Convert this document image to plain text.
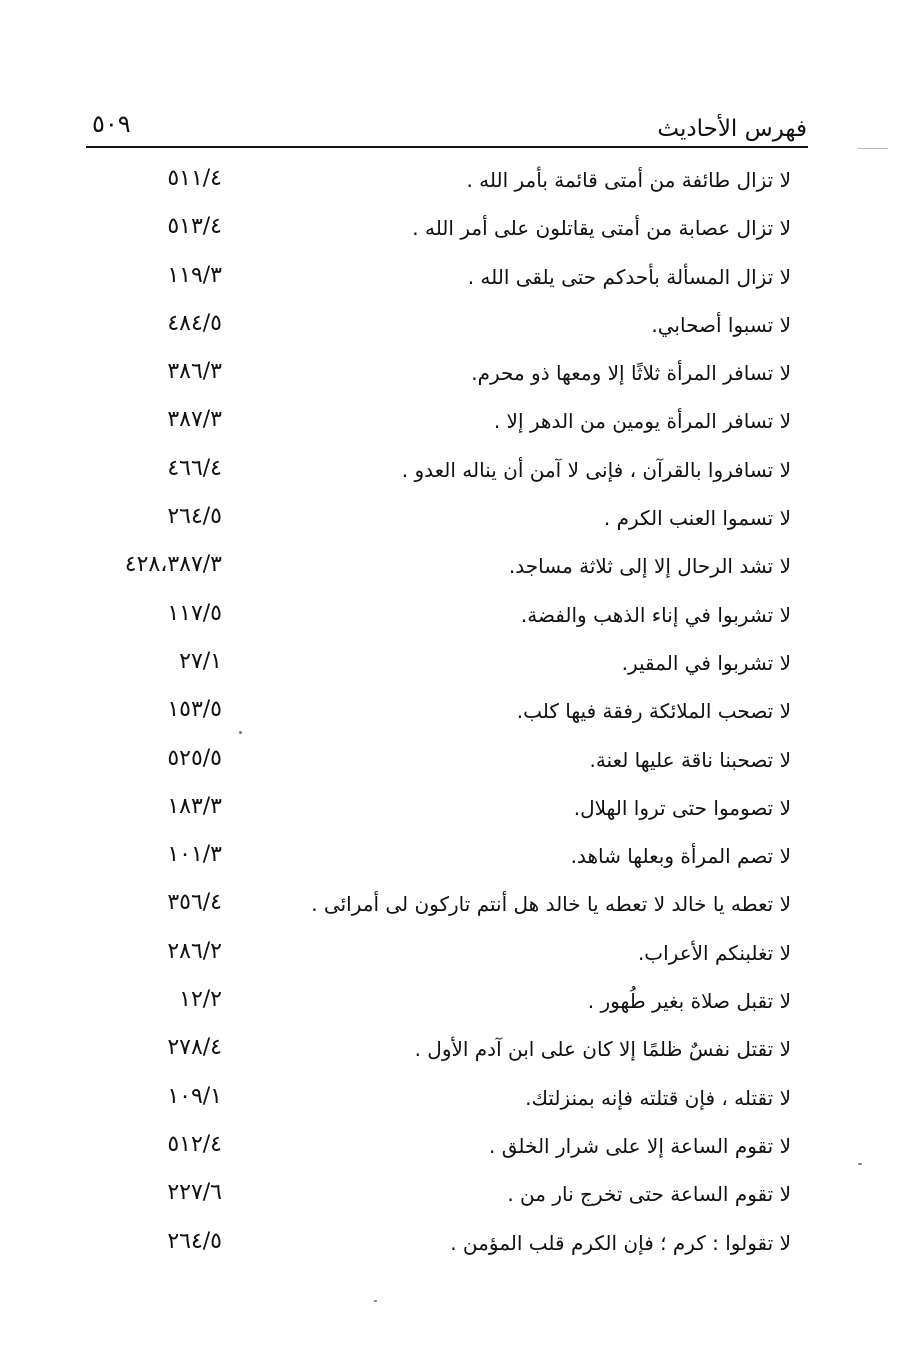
فهرس الأحاديث
٥٠٩
لا تزال طائفة من أمتى قائمة بأمر الله .
٥١١/٤
لا تزال عصابة من أمتى يقاتلون على أمر الله .
٥١٣/٤
لا تزال المسألة بأحدكم حتى يلقى الله .
١١٩/٣
لا تسبوا أصحابي.
٤٨٤/٥
لا تسافر المرأة ثلاثًا إلا ومعها ذو محرم.
٣٨٦/٣
لا تسافر المرأة يومين من الدهر إلا .
٣٨٧/٣
لا تسافروا بالقرآن ، فإنى لا آمن أن يناله العدو .
٤٦٦/٤
لا تسموا العنب الكرم .
٢٦٤/٥
لا تشد الرحال إلا إلى ثلاثة مساجد.
٤٢٨،٣٨٧/٣
لا تشربوا في إناء الذهب والفضة.
١١٧/٥
لا تشربوا في المقير.
٢٧/١
لا تصحب الملائكة رفقة فيها كلب.
١٥٣/٥
لا تصحبنا ناقة عليها لعنة.
٥٢٥/٥
لا تصوموا حتى تروا الهلال.
١٨٣/٣
لا تصم المرأة وبعلها شاهد.
١٠١/٣
لا تعطه يا خالد لا تعطه يا خالد هل أنتم تاركون لى أمرائى .
٣٥٦/٤
لا تغلبنكم الأعراب.
٢٨٦/٢
لا تقبل صلاة بغير طُهور .
١٢/٢
لا تقتل نفسٌ ظلمًا إلا كان على ابن آدم الأول .
٢٧٨/٤
لا تقتله ، فإن قتلته فإنه بمنزلتك.
١٠٩/١
لا تقوم الساعة إلا على شرار الخلق .
٥١٢/٤
لا تقوم الساعة حتى تخرج نار من .
٢٢٧/٦
لا تقولوا : كرم ؛ فإن الكرم قلب المؤمن .
٢٦٤/٥
